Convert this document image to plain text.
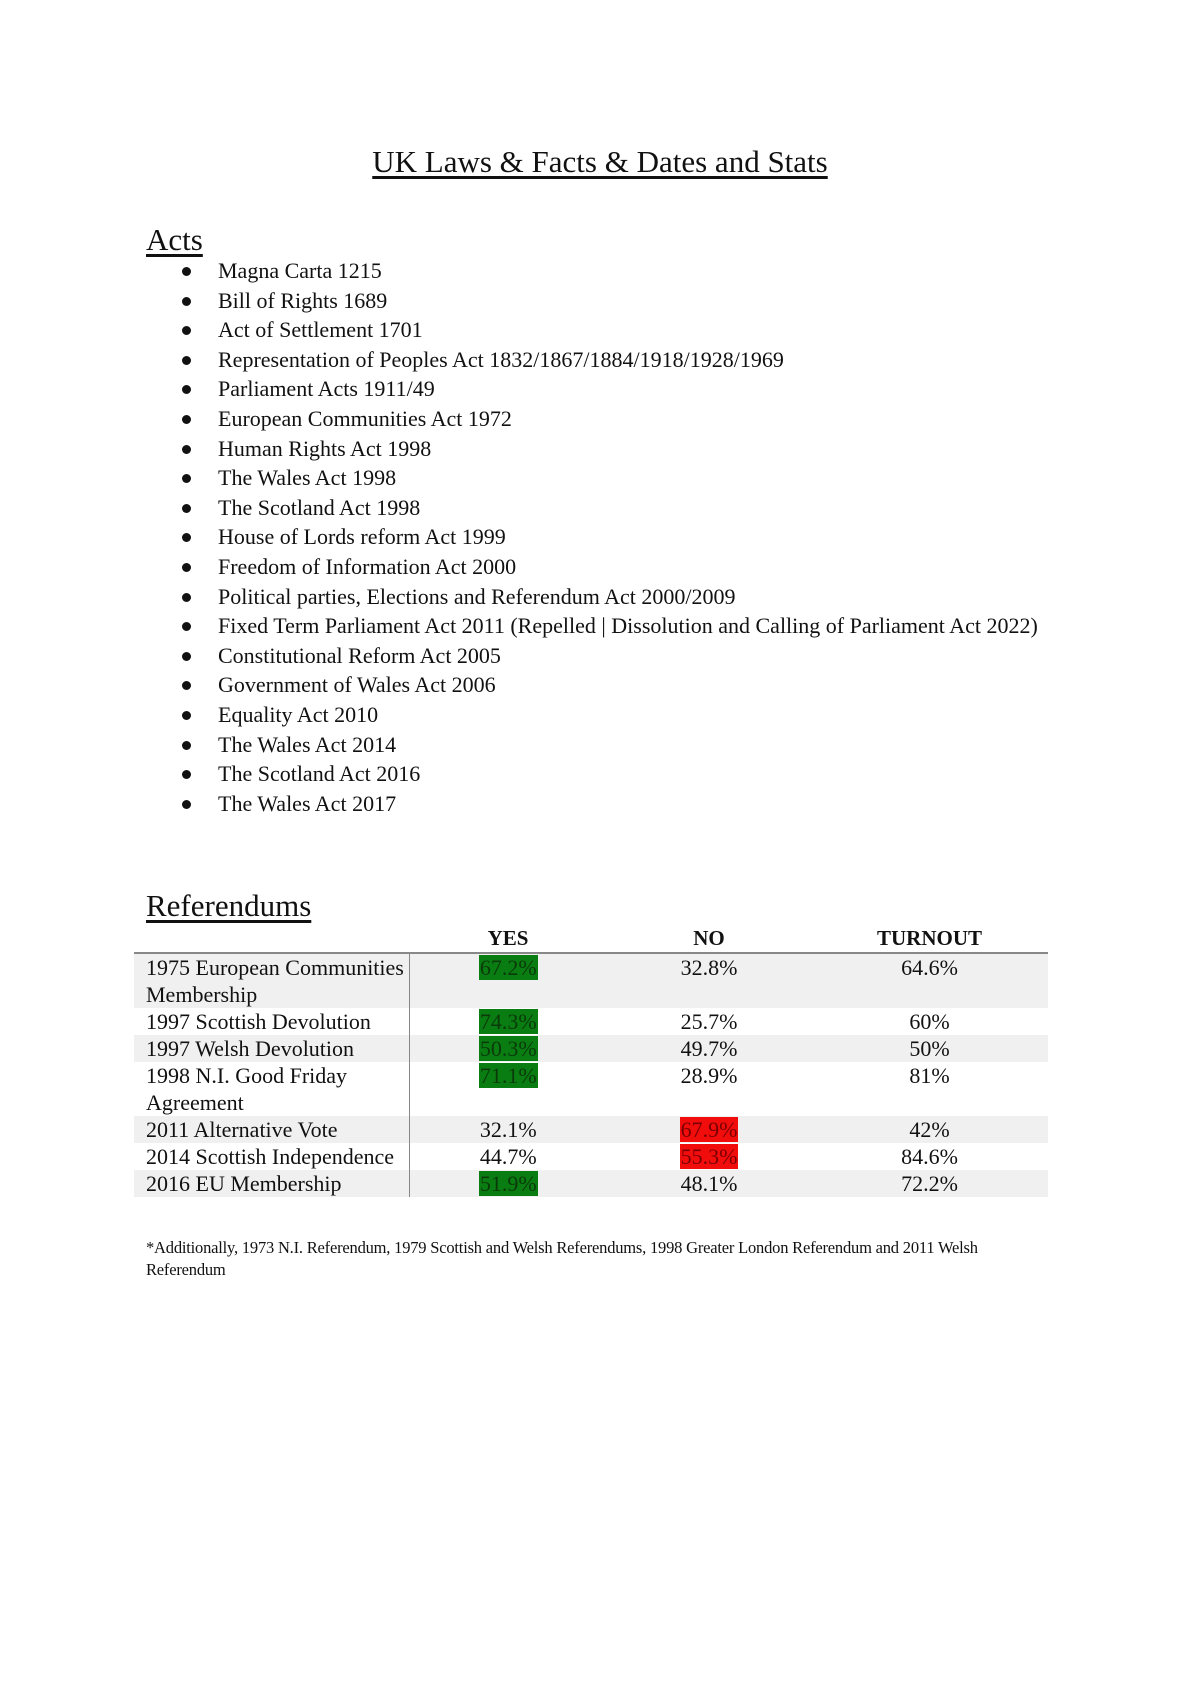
UK Laws & Facts & Dates and Stats
Acts
Magna Carta 1215
Bill of Rights 1689
Act of Settlement 1701
Representation of Peoples Act 1832/1867/1884/1918/1928/1969
Parliament Acts 1911/49
European Communities Act 1972
Human Rights Act 1998
The Wales Act 1998
The Scotland Act 1998
House of Lords reform Act 1999
Freedom of Information Act 2000
Political parties, Elections and Referendum Act 2000/2009
Fixed Term Parliament Act 2011 (Repelled | Dissolution and Calling of Parliament Act 2022)
Constitutional Reform Act 2005
Government of Wales Act 2006
Equality Act 2010
The Wales Act 2014
The Scotland Act 2016
The Wales Act 2017
Referendums
	YES	NO	TURNOUT
1975 European Communities Membership	67.2%	32.8%	64.6%
1997 Scottish Devolution	74.3%	25.7%	60%
1997 Welsh Devolution	50.3%	49.7%	50%
1998 N.I. Good Friday Agreement	71.1%	28.9%	81%
2011 Alternative Vote	32.1%	67.9%	42%
2014 Scottish Independence	44.7%	55.3%	84.6%
2016 EU Membership	51.9%	48.1%	72.2%

*Additionally, 1973 N.I. Referendum, 1979 Scottish and Welsh Referendums, 1998 Greater London Referendum and 2011 Welsh Referendum
